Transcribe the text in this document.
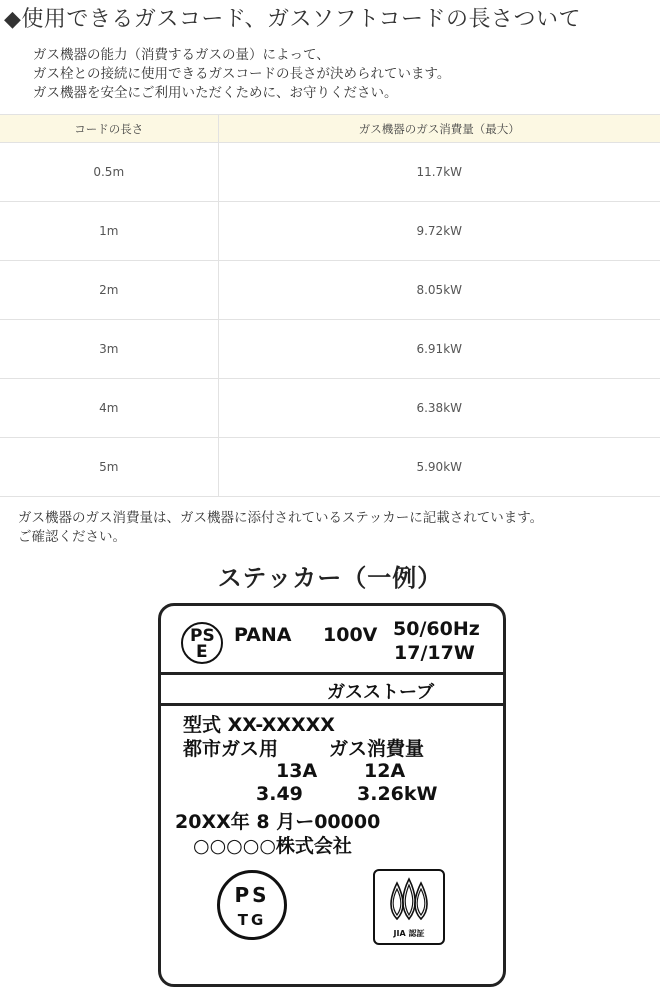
◆使用できるガスコード、ガスソフトコードの長さついて
ガス機器の能力（消費するガスの量）によって、
ガス栓との接続に使用できるガスコードの長さが決められています。
ガス機器を安全にご利用いただくために、お守りください。
コードの長さ	ガス機器のガス消費量（最大）
0.5m	11.7kW
1m	9.72kW
2m	8.05kW
3m	6.91kW
4m	6.38kW
5m	5.90kW
ガス機器のガス消費量は、ガス機器に添付されているステッカーに記載されています。
ご確認ください。
ステッカー（一例）
PS
E
PANA 100V 50/60Hz
17/17W
ガスストーブ
型式 XX-XXXXX
都市ガス用	ガス消費量
13A 12A
3.49	3.26kW
20XX年 8 月ー00000
○○○○○株式会社
PS
TG
JIA 認証
